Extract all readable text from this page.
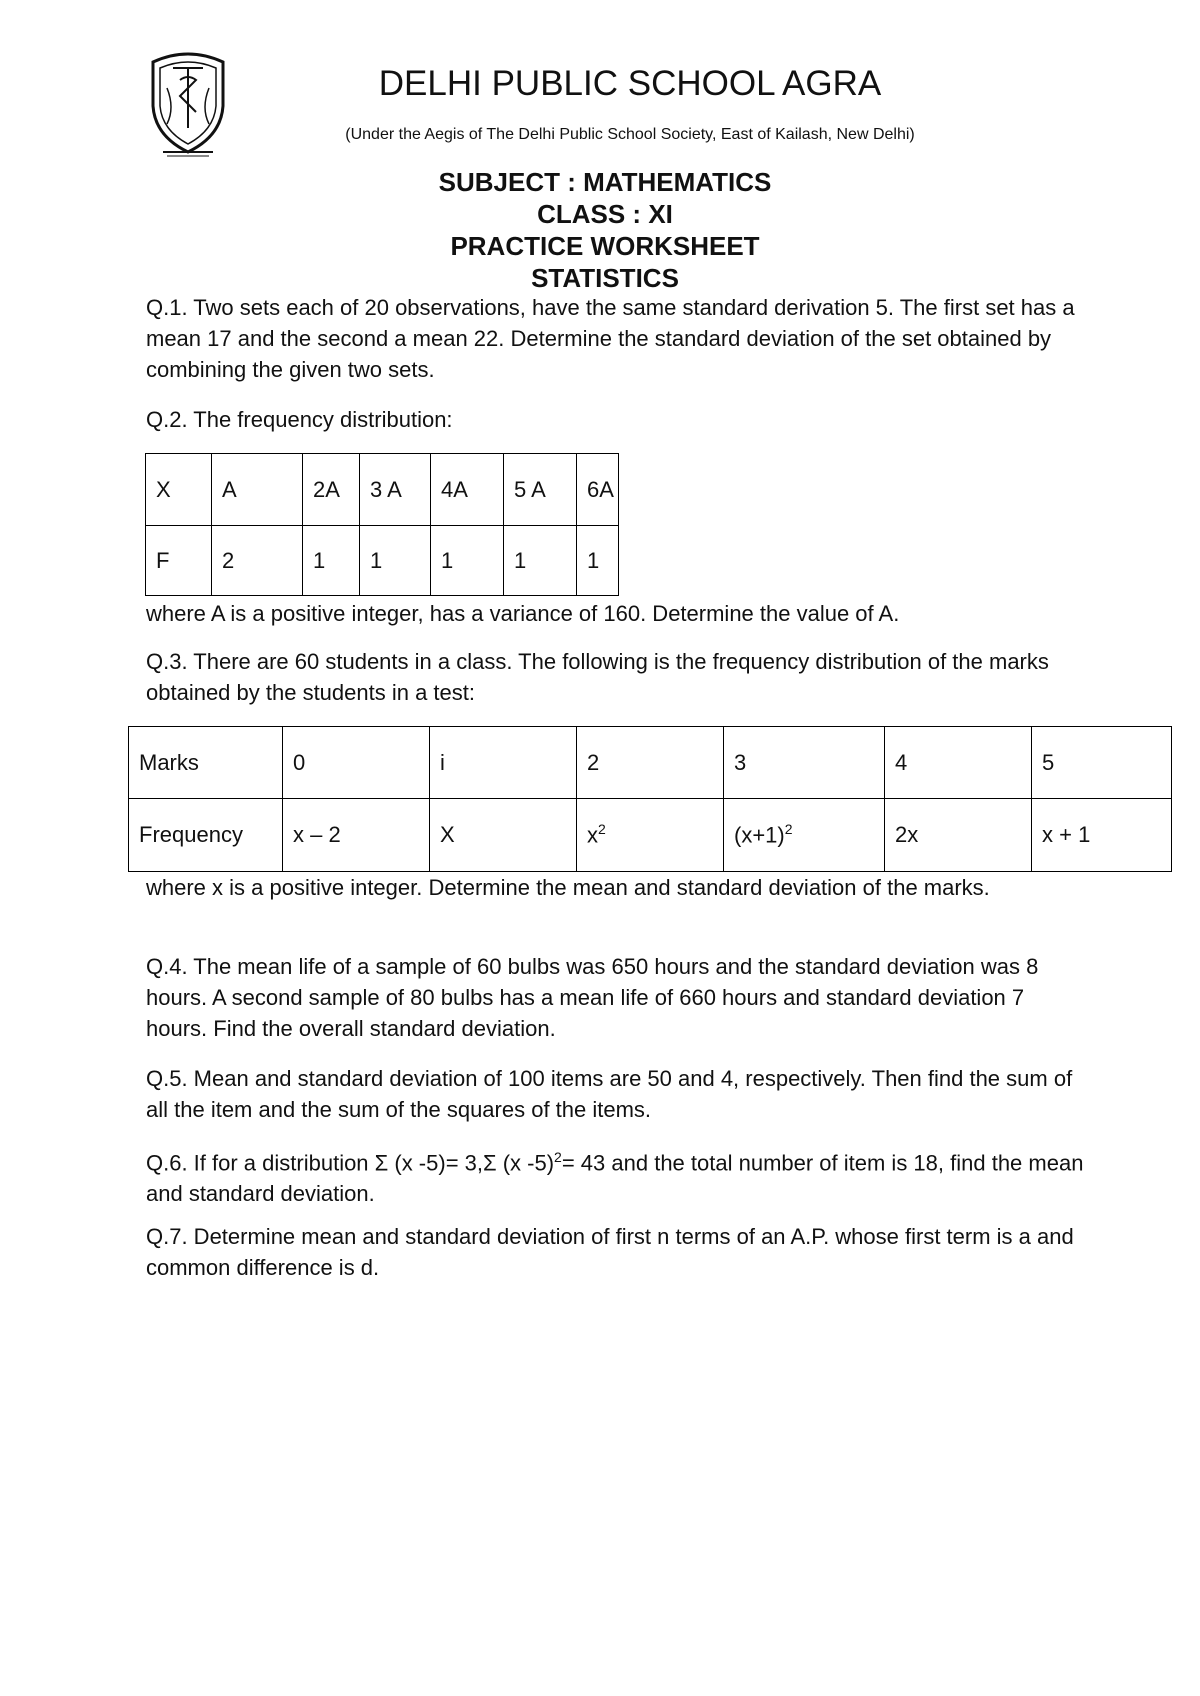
DELHI PUBLIC SCHOOL AGRA
(Under the Aegis of The Delhi Public School Society, East of Kailash, New Delhi)
SUBJECT : MATHEMATICS
CLASS : XI
PRACTICE WORKSHEET
STATISTICS
Q.1. Two sets each of 20 observations, have the same standard derivation 5. The first set has a mean 17 and the second a mean 22. Determine the standard deviation of the set obtained by combining the given two sets.
Q.2. The frequency distribution:
X	A	2A	3 A	4A	5 A	6A
F	2	1	1	1	1	1
where A is a positive integer, has a variance of 160. Determine the value of A.
Q.3. There are 60 students in a class. The following is the frequency distribution of the marks obtained by the students in a test:
Marks	0	i	2	3	4	5
Frequency	x – 2	X	$x^2$	$(x+1)^2$	2x	x + 1
where x is a positive integer. Determine the mean and standard deviation of the marks.
Q.4. The mean life of a sample of 60 bulbs was 650 hours and the standard deviation was 8 hours. A second sample of 80 bulbs has a mean life of 660 hours and standard deviation 7 hours. Find the overall standard deviation.
Q.5. Mean and standard deviation of 100 items are 50 and 4, respectively. Then find the sum of all the item and the sum of the squares of the items.
Q.6. If for a distribution Σ (x -5)= 3,Σ (x -5)$^2$= 43 and the total number of item is 18, find the mean and standard deviation.
Q.7. Determine mean and standard deviation of first n terms of an A.P. whose first term is a and common difference is d.
